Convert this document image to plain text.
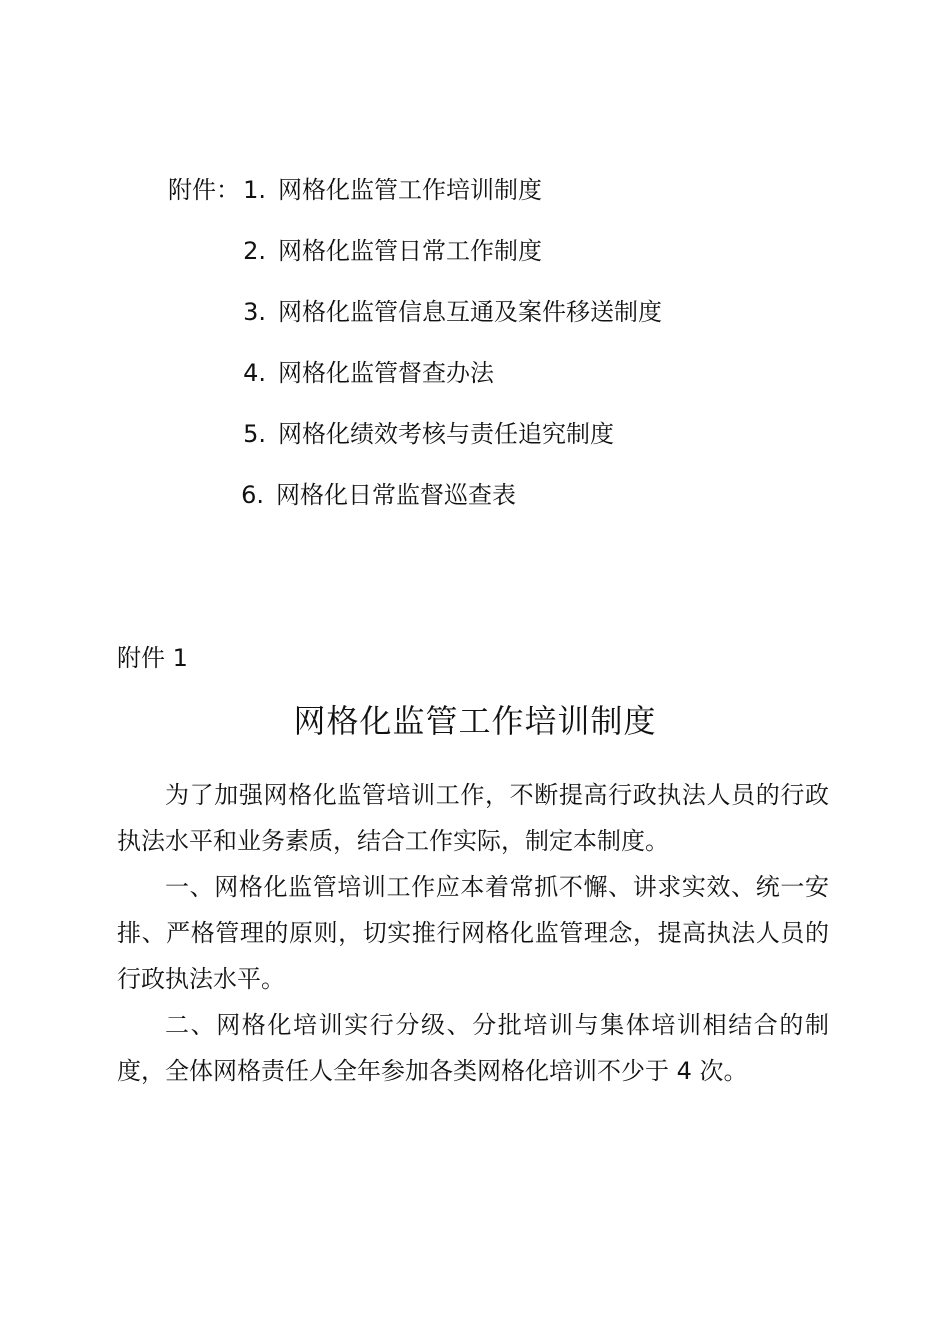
附件： 1. 网格化监管工作培训制度
2. 网格化监管日常工作制度
3. 网格化监管信息互通及案件移送制度
4. 网格化监管督查办法
5. 网格化绩效考核与责任追究制度
6. 网格化日常监督巡查表
附件 1
网格化监管工作培训制度

为了加强网格化监管培训工作，不断提高行政执法人员的行政执法水平和业务素质，结合工作实际，制定本制度。

一、网格化监管培训工作应本着常抓不懈、讲求实效、统一安排、严格管理的原则，切实推行网格化监管理念，提高执法人员的行政执法水平。

二、网格化培训实行分级、分批培训与集体培训相结合的制度，全体网格责任人全年参加各类网格化培训不少于 4 次。
